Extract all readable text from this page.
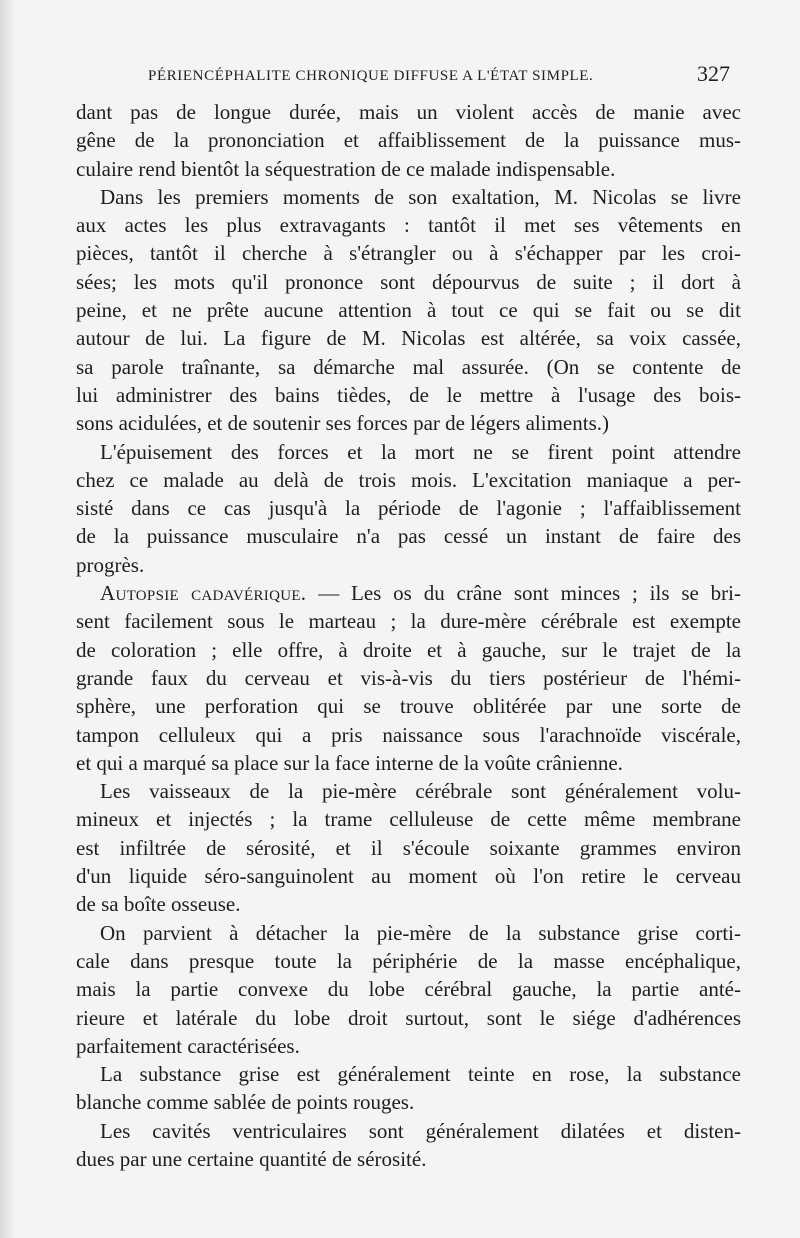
PÉRIENCÉPHALITE CHRONIQUE DIFFUSE A L'ÉTAT SIMPLE.	327
dant pas de longue durée, mais un violent accès de manie avec
gêne de la prononciation et affaiblissement de la puissance mus-
culaire rend bientôt la séquestration de ce malade indispensable.
Dans les premiers moments de son exaltation, M. Nicolas se livre
aux actes les plus extravagants : tantôt il met ses vêtements en
pièces, tantôt il cherche à s'étrangler ou à s'échapper par les croi-
sées; les mots qu'il prononce sont dépourvus de suite ; il dort à
peine, et ne prête aucune attention à tout ce qui se fait ou se dit
autour de lui. La figure de M. Nicolas est altérée, sa voix cassée,
sa parole traînante, sa démarche mal assurée. (On se contente de
lui administrer des bains tièdes, de le mettre à l'usage des bois-
sons acidulées, et de soutenir ses forces par de légers aliments.)
L'épuisement des forces et la mort ne se firent point attendre
chez ce malade au delà de trois mois. L'excitation maniaque a per-
sisté dans ce cas jusqu'à la période de l'agonie ; l'affaiblissement
de la puissance musculaire n'a pas cessé un instant de faire des
progrès.
Autopsie cadavérique. — Les os du crâne sont minces ; ils se bri-
sent facilement sous le marteau ; la dure-mère cérébrale est exempte
de coloration ; elle offre, à droite et à gauche, sur le trajet de la
grande faux du cerveau et vis-à-vis du tiers postérieur de l'hémi-
sphère, une perforation qui se trouve oblitérée par une sorte de
tampon celluleux qui a pris naissance sous l'arachnoïde viscérale,
et qui a marqué sa place sur la face interne de la voûte crânienne.
Les vaisseaux de la pie-mère cérébrale sont généralement volu-
mineux et injectés ; la trame celluleuse de cette même membrane
est infiltrée de sérosité, et il s'écoule soixante grammes environ
d'un liquide séro-sanguinolent au moment où l'on retire le cerveau
de sa boîte osseuse.
On parvient à détacher la pie-mère de la substance grise corti-
cale dans presque toute la périphérie de la masse encéphalique,
mais la partie convexe du lobe cérébral gauche, la partie anté-
rieure et latérale du lobe droit surtout, sont le siége d'adhérences
parfaitement caractérisées.
La substance grise est généralement teinte en rose, la substance
blanche comme sablée de points rouges.
Les cavités ventriculaires sont généralement dilatées et disten-
dues par une certaine quantité de sérosité.
